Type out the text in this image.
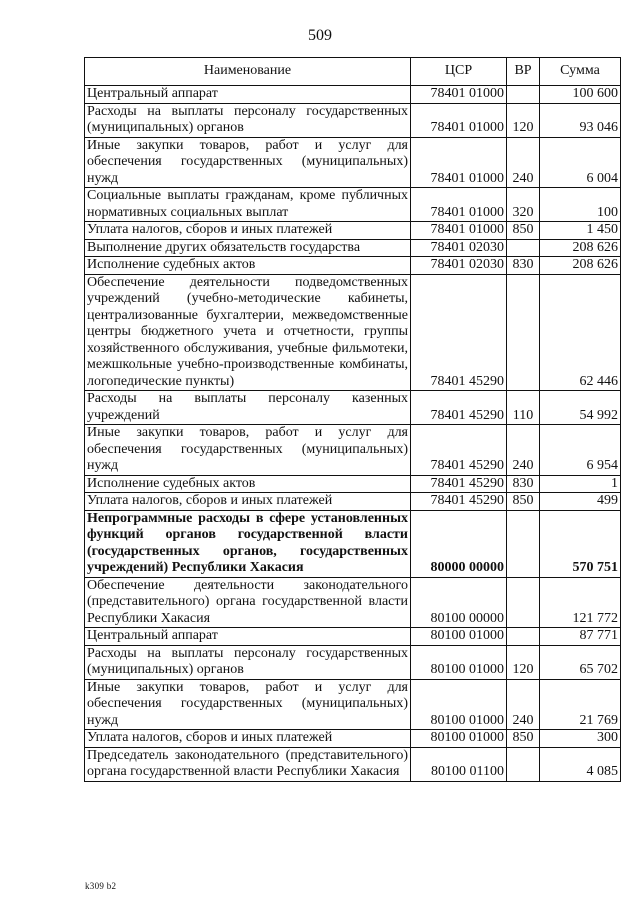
509
Наименование	ЦСР	ВР	Сумма
Центральный аппарат	78401 01000		100 600
Расходы на выплаты персоналу государственных (муниципальных) органов	78401 01000	120	93 046
Иные закупки товаров, работ и услуг для обеспечения государственных (муниципальных) нужд	78401 01000	240	6 004
Социальные выплаты гражданам, кроме публичных нормативных социальных выплат	78401 01000	320	100
Уплата налогов, сборов и иных платежей	78401 01000	850	1 450
Выполнение других обязательств государства	78401 02030		208 626
Исполнение судебных актов	78401 02030	830	208 626
Обеспечение деятельности подведомственных учреждений (учебно-методические кабинеты, централизованные бухгалтерии, межведомственные центры бюджетного учета и отчетности, группы хозяйственного обслуживания, учебные фильмотеки, межшкольные учебно-производственные комбинаты, логопедические пункты)	78401 45290		62 446
Расходы на выплаты персоналу казенных учреждений	78401 45290	110	54 992
Иные закупки товаров, работ и услуг для обеспечения государственных (муниципальных) нужд	78401 45290	240	6 954
Исполнение судебных актов	78401 45290	830	1
Уплата налогов, сборов и иных платежей	78401 45290	850	499
Непрограммные расходы в сфере установленных функций органов государственной власти (государственных органов, государственных учреждений) Республики Хакасия	80000 00000		570 751
Обеспечение деятельности законодательного (представительного) органа государственной власти Республики Хакасия	80100 00000		121 772
Центральный аппарат	80100 01000		87 771
Расходы на выплаты персоналу государственных (муниципальных) органов	80100 01000	120	65 702
Иные закупки товаров, работ и услуг для обеспечения государственных (муниципальных) нужд	80100 01000	240	21 769
Уплата налогов, сборов и иных платежей	80100 01000	850	300
Председатель законодательного (представительного) органа государственной власти Республики Хакасия	80100 01100		4 085
k309 b2
